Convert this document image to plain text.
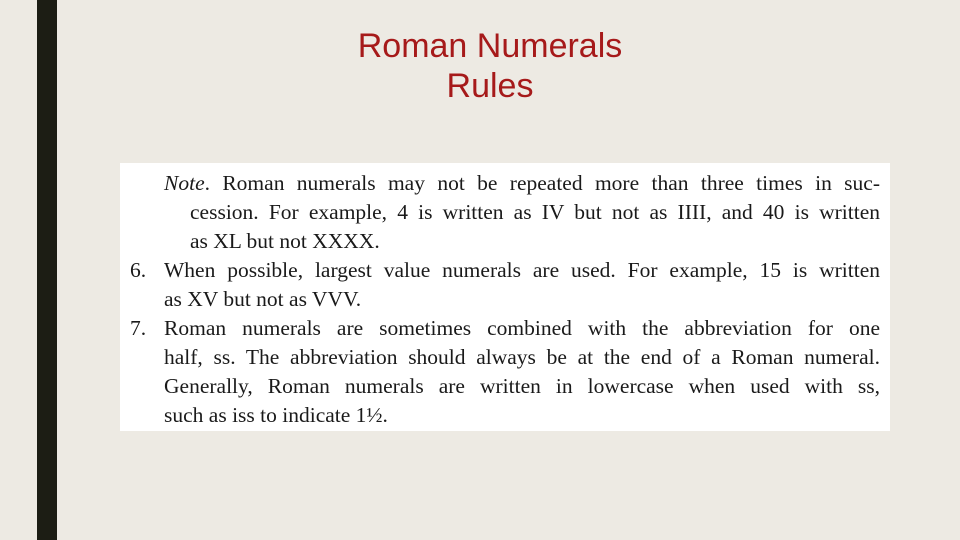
Roman Numerals
Rules
Note. Roman numerals may not be repeated more than three times in suc-
cession. For example, 4 is written as IV but not as IIII, and 40 is written
as XL but not XXXX.
6. When possible, largest value numerals are used. For example, 15 is written
as XV but not as VVV.
7. Roman numerals are sometimes combined with the abbreviation for one
half, ss. The abbreviation should always be at the end of a Roman numeral.
Generally, Roman numerals are written in lowercase when used with ss,
such as iss to indicate 1½.
